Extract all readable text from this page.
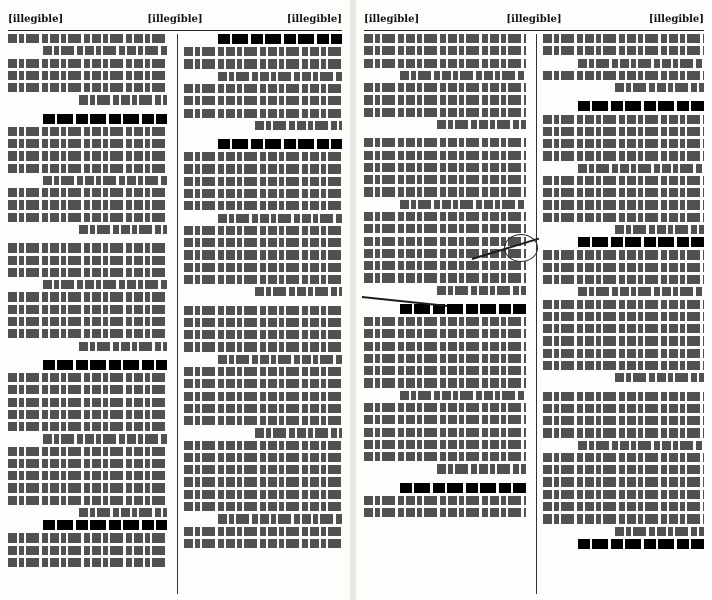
[illegible]
[illegible]
[illegible]	[illegible]
[illegible]
[illegible]
